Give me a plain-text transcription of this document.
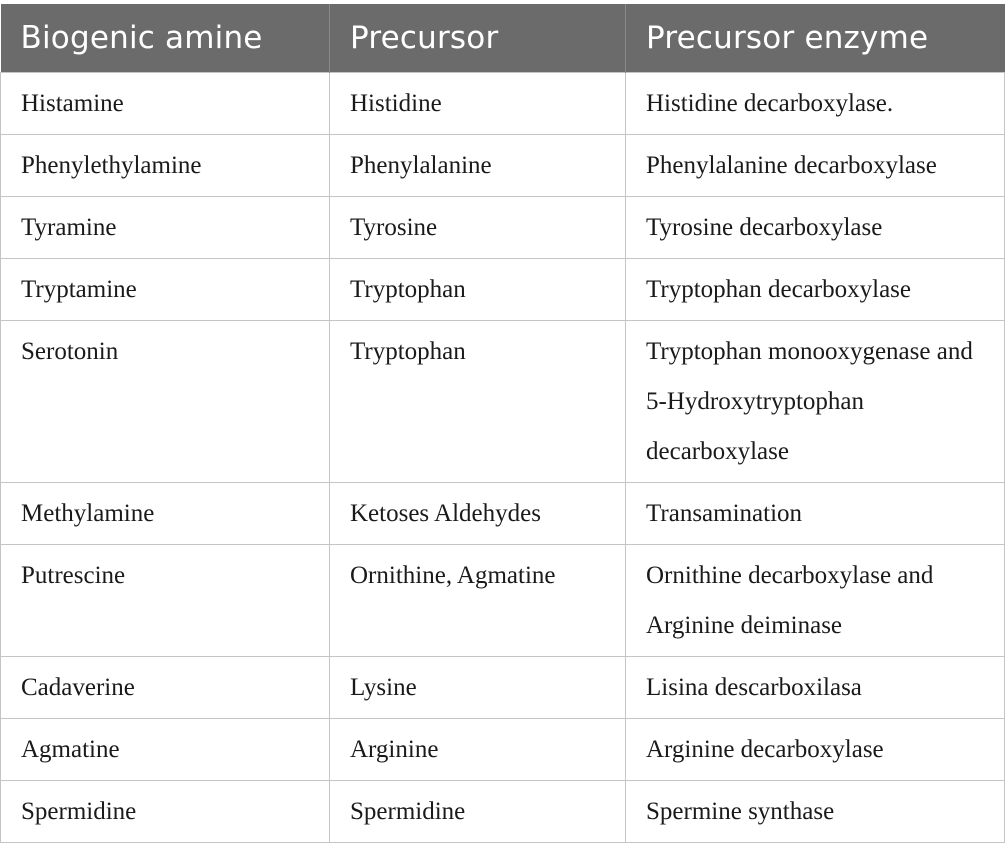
Biogenic amine	Precursor	Precursor enzyme
Histamine	Histidine	Histidine decarboxylase.
Phenylethylamine	Phenylalanine	Phenylalanine decarboxylase
Tyramine	Tyrosine	Tyrosine decarboxylase
Tryptamine	Tryptophan	Tryptophan decarboxylase
Serotonin	Tryptophan	Tryptophan monooxygenase and 5-Hydroxytryptophan decarboxylase
Methylamine	Ketoses Aldehydes	Transamination
Putrescine	Ornithine, Agmatine	Ornithine decarboxylase and Arginine deiminase
Cadaverine	Lysine	Lisina descarboxilasa
Agmatine	Arginine	Arginine decarboxylase
Spermidine	Spermidine	Spermine synthase
